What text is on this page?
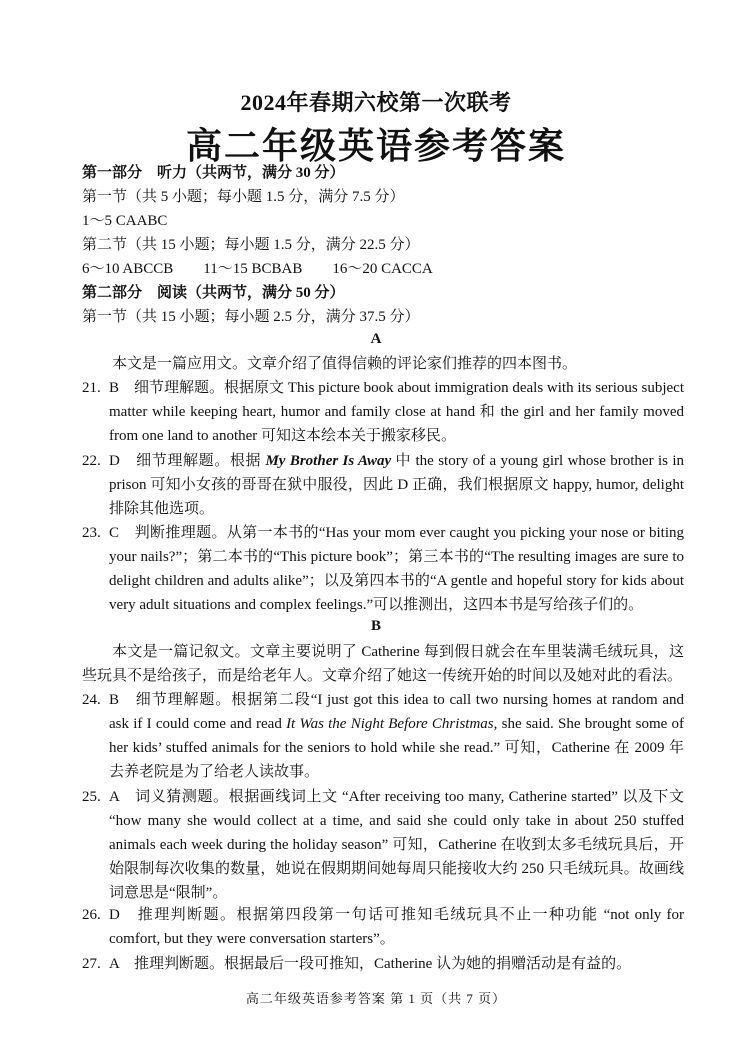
2024年春期六校第一次联考
高二年级英语参考答案
第一部分　听力（共两节，满分 30 分）
第一节（共 5 小题；每小题 1.5 分，满分 7.5 分）
1～5 CAABC
第二节（共 15 小题；每小题 1.5 分，满分 22.5 分）
6～10 ABCCB　　11～15 BCBAB　　16～20 CACCA
第二部分　阅读（共两节，满分 50 分）
第一节（共 15 小题；每小题 2.5 分，满分 37.5 分）
A
本文是一篇应用文。文章介绍了值得信赖的评论家们推荐的四本图书。
21. B　细节理解题。根据原文 This picture book about immigration deals with its serious subject matter while keeping heart, humor and family close at hand 和 the girl and her family moved from one land to another 可知这本绘本关于搬家移民。
22. D　细节理解题。根据 My Brother Is Away 中 the story of a young girl whose brother is in prison 可知小女孩的哥哥在狱中服役，因此 D 正确，我们根据原文 happy, humor, delight 排除其他选项。
23. C　判断推理题。从第一本书的“Has your mom ever caught you picking your nose or biting your nails?”；第二本书的“This picture book”；第三本书的“The resulting images are sure to delight children and adults alike”；以及第四本书的“A gentle and hopeful story for kids about very adult situations and complex feelings.”可以推测出，这四本书是写给孩子们的。
B
本文是一篇记叙文。文章主要说明了 Catherine 每到假日就会在车里装满毛绒玩具，这些玩具不是给孩子，而是给老年人。文章介绍了她这一传统开始的时间以及她对此的看法。
24. B　细节理解题。根据第二段“I just got this idea to call two nursing homes at random and ask if I could come and read It Was the Night Before Christmas, she said. She brought some of her kids’ stuffed animals for the seniors to hold while she read.” 可知，Catherine 在 2009 年去养老院是为了给老人读故事。
25. A　词义猜测题。根据画线词上文 “After receiving too many, Catherine started” 以及下文 “how many she would collect at a time, and said she could only take in about 250 stuffed animals each week during the holiday season” 可知，Catherine 在收到太多毛绒玩具后，开始限制每次收集的数量，她说在假期期间她每周只能接收大约 250 只毛绒玩具。故画线词意思是“限制”。
26. D　推理判断题。根据第四段第一句话可推知毛绒玩具不止一种功能 “not only for comfort, but they were conversation starters”。
27. A　推理判断题。根据最后一段可推知，Catherine 认为她的捐赠活动是有益的。
高二年级英语参考答案 第 1 页（共 7 页）
